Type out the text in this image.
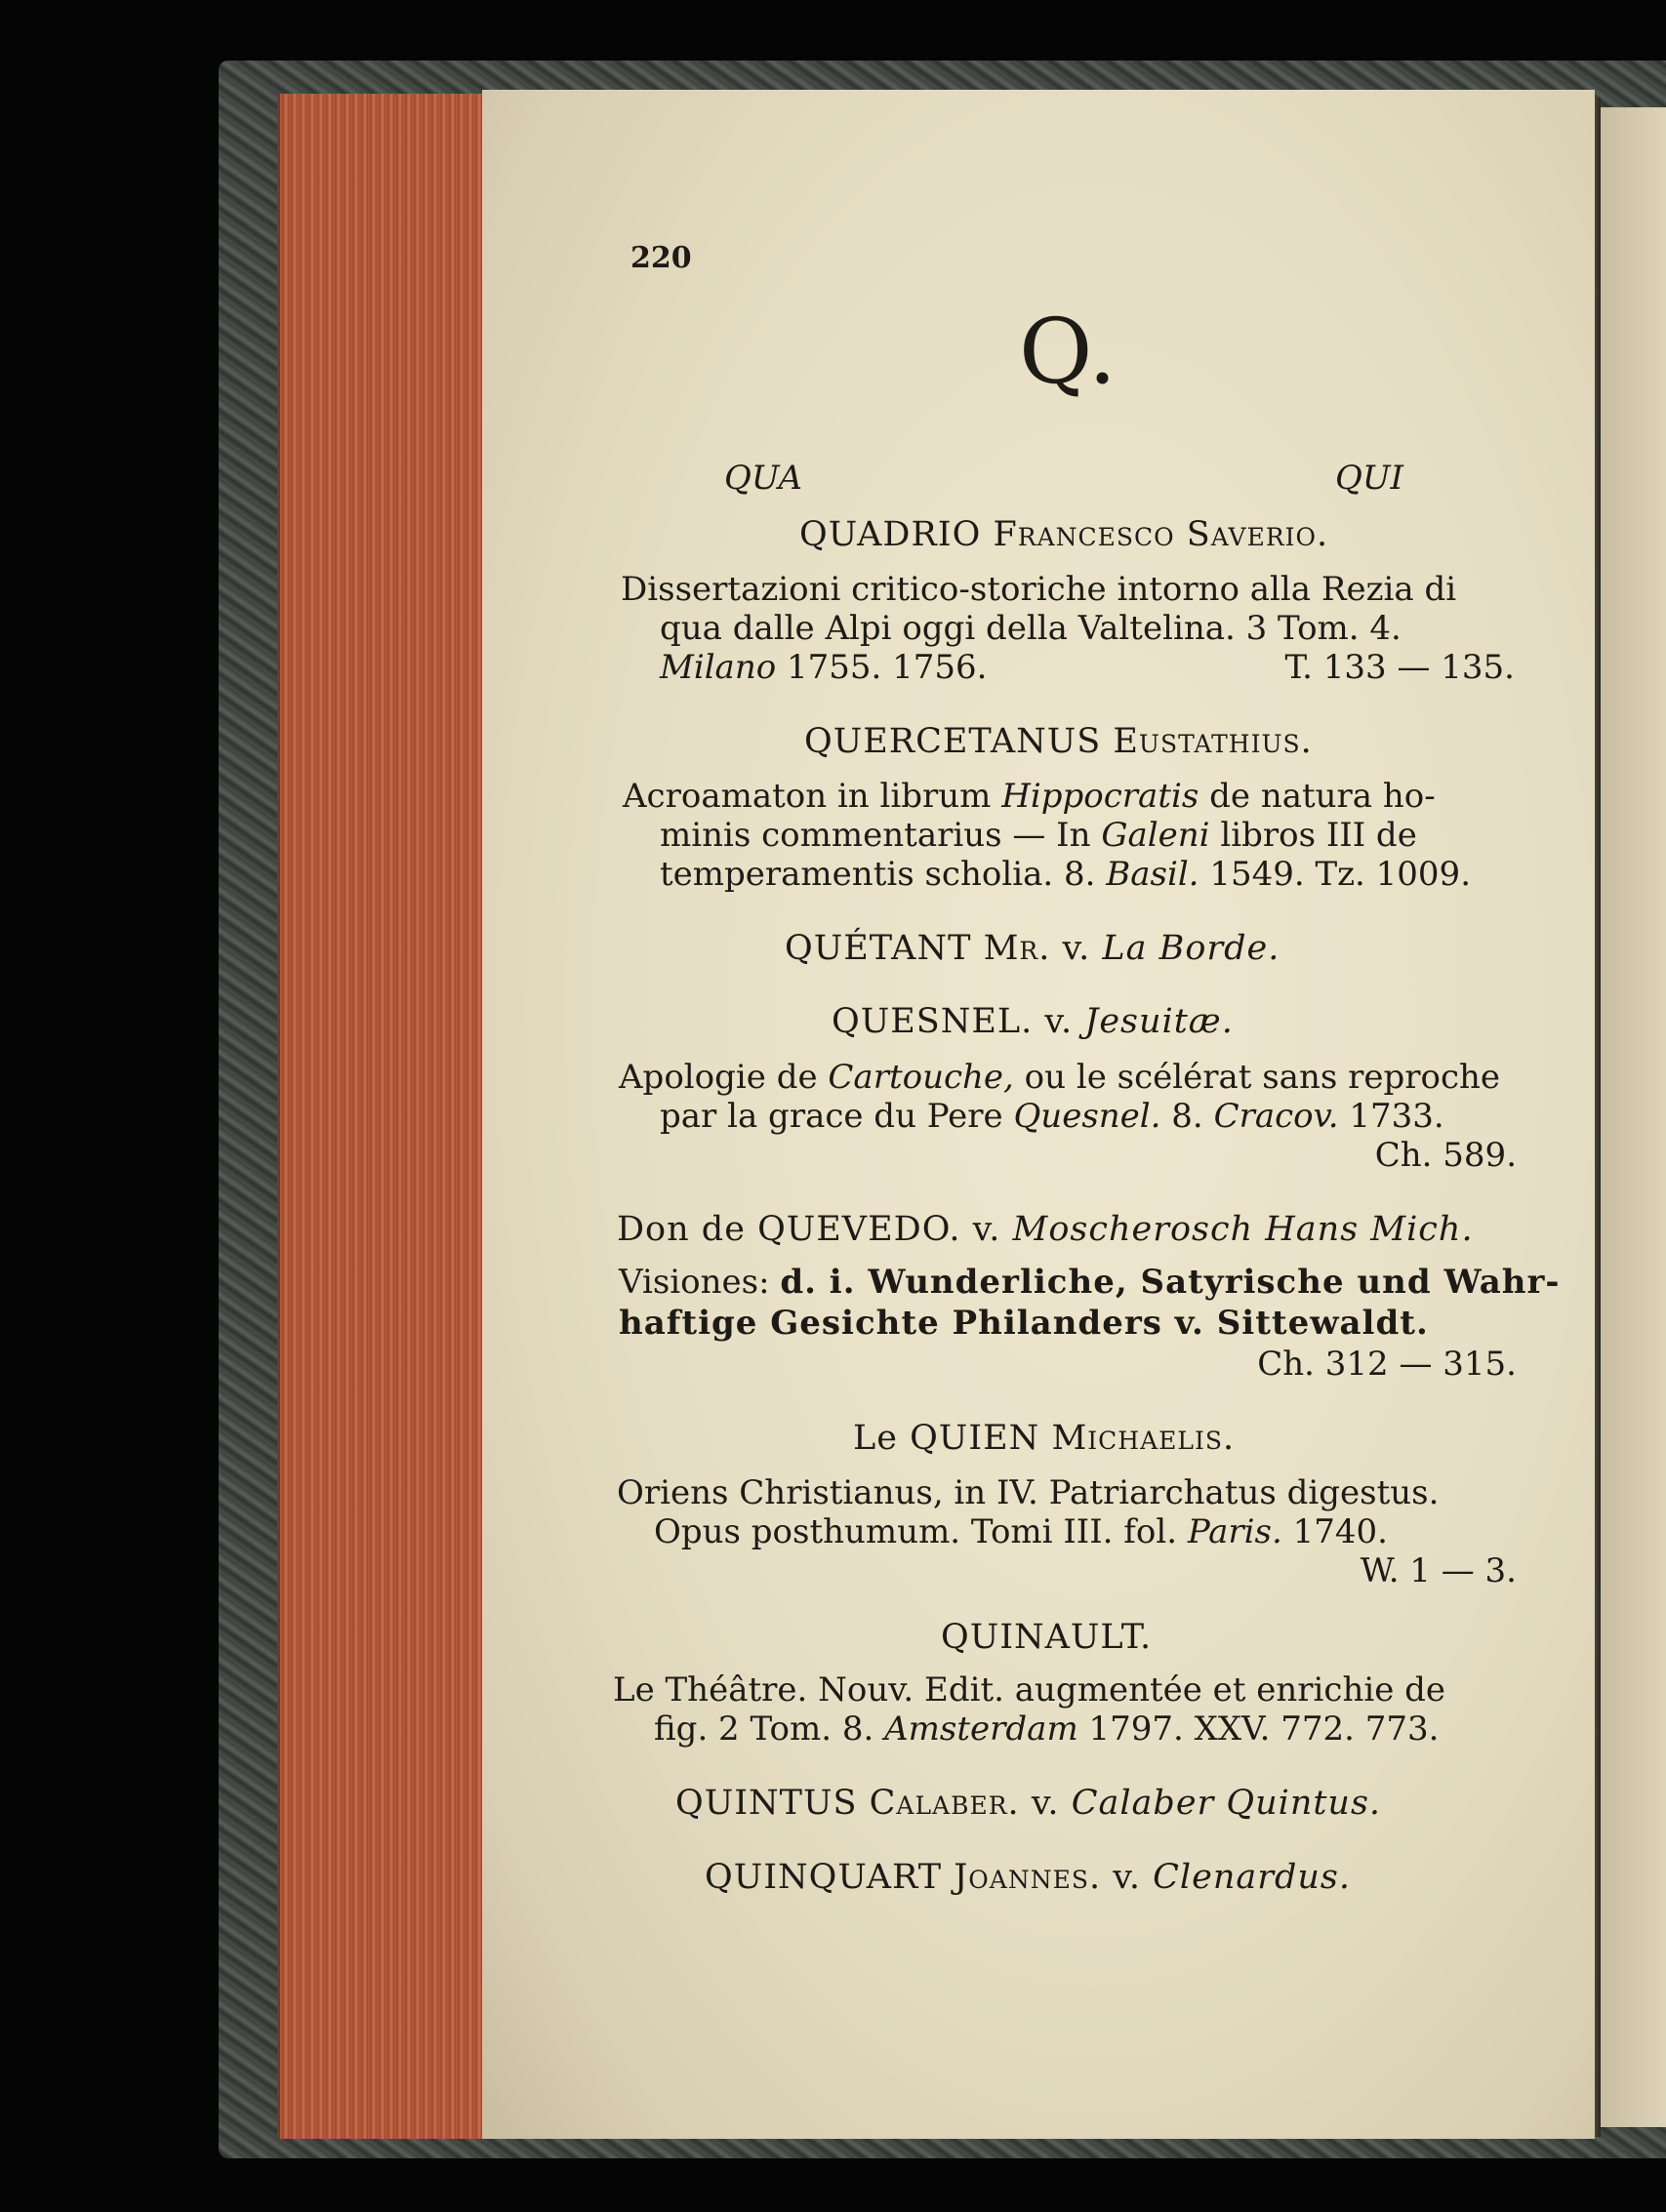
220
Q.
QUA	QUI
QUADRIO Francesco Saverio.
Dissertazioni critico-storiche intorno alla Rezia di
qua dalle Alpi oggi della Valtelina. 3 Tom. 4.
Milano 1755. 1756.	T. 133 — 135.
QUERCETANUS Eustathius.
Acroamaton in librum Hippocratis de natura ho-
minis commentarius — In Galeni libros III de
temperamentis scholia. 8. Basil. 1549. Tz. 1009.
QUÉTANT Mr. v. La Borde.
QUESNEL. v. Jesuitæ.
Apologie de Cartouche, ou le scélérat sans reproche
par la grace du Pere Quesnel. 8. Cracov. 1733.
Ch. 589.
Don de QUEVEDO. v. Moscherosch Hans Mich.
Visiones: d. i. Wunderliche, Satyrische und Wahr-
haftige Gesichte Philanders v. Sittewaldt.
Ch. 312 — 315.
Le QUIEN Michaelis.
Oriens Christianus, in IV. Patriarchatus digestus.
Opus posthumum. Tomi III. fol. Paris. 1740.
W. 1 — 3.
QUINAULT.
Le Théâtre. Nouv. Edit. augmentée et enrichie de
fig. 2 Tom. 8. Amsterdam 1797. XXV. 772. 773.
QUINTUS Calaber. v. Calaber Quintus.
QUINQUART Joannes. v. Clenardus.
